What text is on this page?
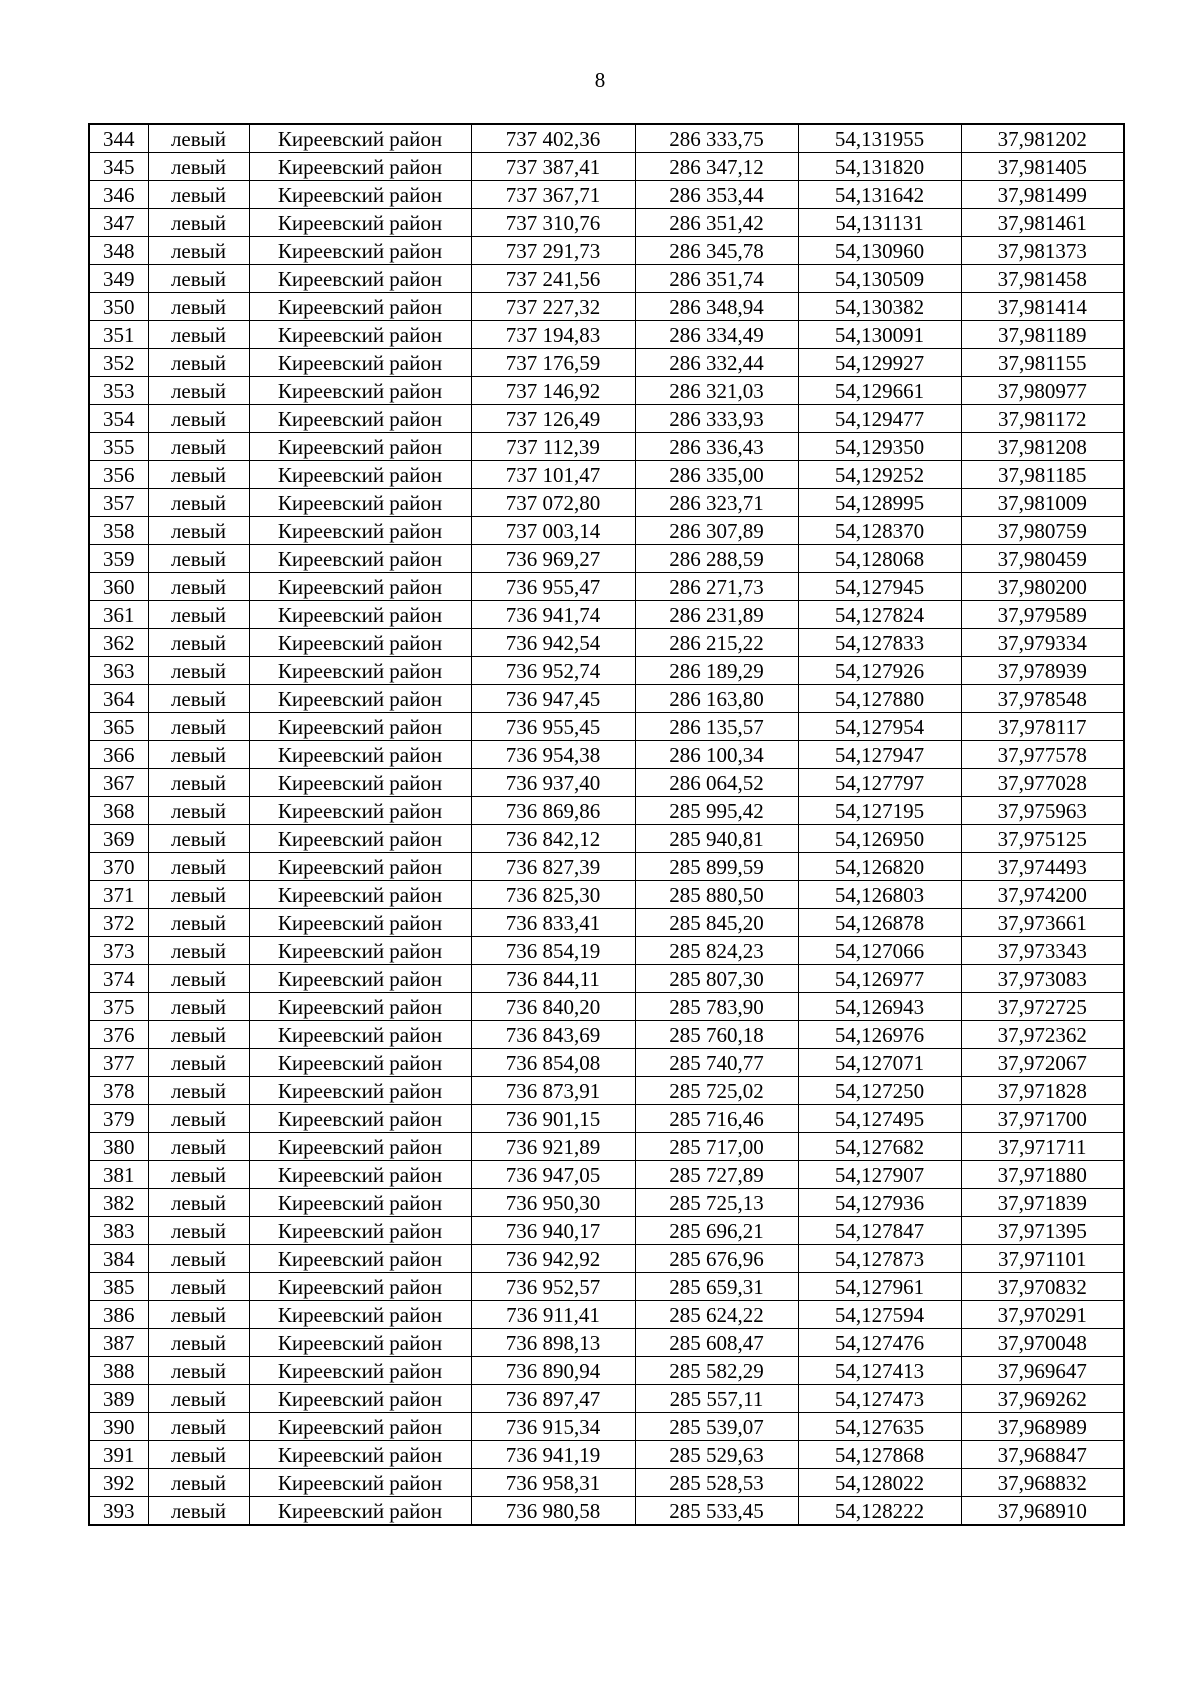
8
344	левый	Киреевский район	737 402,36	286 333,75	54,131955	37,981202
345	левый	Киреевский район	737 387,41	286 347,12	54,131820	37,981405
346	левый	Киреевский район	737 367,71	286 353,44	54,131642	37,981499
347	левый	Киреевский район	737 310,76	286 351,42	54,131131	37,981461
348	левый	Киреевский район	737 291,73	286 345,78	54,130960	37,981373
349	левый	Киреевский район	737 241,56	286 351,74	54,130509	37,981458
350	левый	Киреевский район	737 227,32	286 348,94	54,130382	37,981414
351	левый	Киреевский район	737 194,83	286 334,49	54,130091	37,981189
352	левый	Киреевский район	737 176,59	286 332,44	54,129927	37,981155
353	левый	Киреевский район	737 146,92	286 321,03	54,129661	37,980977
354	левый	Киреевский район	737 126,49	286 333,93	54,129477	37,981172
355	левый	Киреевский район	737 112,39	286 336,43	54,129350	37,981208
356	левый	Киреевский район	737 101,47	286 335,00	54,129252	37,981185
357	левый	Киреевский район	737 072,80	286 323,71	54,128995	37,981009
358	левый	Киреевский район	737 003,14	286 307,89	54,128370	37,980759
359	левый	Киреевский район	736 969,27	286 288,59	54,128068	37,980459
360	левый	Киреевский район	736 955,47	286 271,73	54,127945	37,980200
361	левый	Киреевский район	736 941,74	286 231,89	54,127824	37,979589
362	левый	Киреевский район	736 942,54	286 215,22	54,127833	37,979334
363	левый	Киреевский район	736 952,74	286 189,29	54,127926	37,978939
364	левый	Киреевский район	736 947,45	286 163,80	54,127880	37,978548
365	левый	Киреевский район	736 955,45	286 135,57	54,127954	37,978117
366	левый	Киреевский район	736 954,38	286 100,34	54,127947	37,977578
367	левый	Киреевский район	736 937,40	286 064,52	54,127797	37,977028
368	левый	Киреевский район	736 869,86	285 995,42	54,127195	37,975963
369	левый	Киреевский район	736 842,12	285 940,81	54,126950	37,975125
370	левый	Киреевский район	736 827,39	285 899,59	54,126820	37,974493
371	левый	Киреевский район	736 825,30	285 880,50	54,126803	37,974200
372	левый	Киреевский район	736 833,41	285 845,20	54,126878	37,973661
373	левый	Киреевский район	736 854,19	285 824,23	54,127066	37,973343
374	левый	Киреевский район	736 844,11	285 807,30	54,126977	37,973083
375	левый	Киреевский район	736 840,20	285 783,90	54,126943	37,972725
376	левый	Киреевский район	736 843,69	285 760,18	54,126976	37,972362
377	левый	Киреевский район	736 854,08	285 740,77	54,127071	37,972067
378	левый	Киреевский район	736 873,91	285 725,02	54,127250	37,971828
379	левый	Киреевский район	736 901,15	285 716,46	54,127495	37,971700
380	левый	Киреевский район	736 921,89	285 717,00	54,127682	37,971711
381	левый	Киреевский район	736 947,05	285 727,89	54,127907	37,971880
382	левый	Киреевский район	736 950,30	285 725,13	54,127936	37,971839
383	левый	Киреевский район	736 940,17	285 696,21	54,127847	37,971395
384	левый	Киреевский район	736 942,92	285 676,96	54,127873	37,971101
385	левый	Киреевский район	736 952,57	285 659,31	54,127961	37,970832
386	левый	Киреевский район	736 911,41	285 624,22	54,127594	37,970291
387	левый	Киреевский район	736 898,13	285 608,47	54,127476	37,970048
388	левый	Киреевский район	736 890,94	285 582,29	54,127413	37,969647
389	левый	Киреевский район	736 897,47	285 557,11	54,127473	37,969262
390	левый	Киреевский район	736 915,34	285 539,07	54,127635	37,968989
391	левый	Киреевский район	736 941,19	285 529,63	54,127868	37,968847
392	левый	Киреевский район	736 958,31	285 528,53	54,128022	37,968832
393	левый	Киреевский район	736 980,58	285 533,45	54,128222	37,968910
